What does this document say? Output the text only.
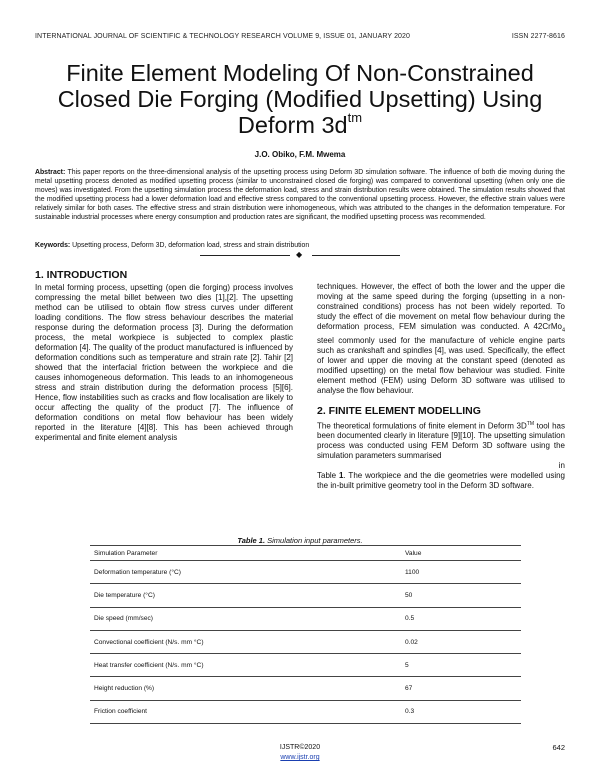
INTERNATIONAL JOURNAL OF SCIENTIFIC & TECHNOLOGY RESEARCH VOLUME 9, ISSUE 01, JANUARY 2020	ISSN 2277-8616
Finite Element Modeling Of Non-Constrained
Closed Die Forging (Modified Upsetting) Using
Deform $3d^{tm}$
J.O. Obiko, F.M. Mwema
Abstract: This paper reports on the three-dimensional analysis of the upsetting process using Deform 3D simulation software. The influence of both die moving during the metal upsetting process denoted as modified upsetting process (similar to unconstrained closed die forging) was compared to conventional upsetting (when only one die moves) was investigated. From the upsetting simulation process the deformation load, stress and strain distribution results were obtained. The simulation results showed that the modified upsetting process had a lower deformation load and effective stress compared to the conventional upsetting process. However, the effective strain values were relatively similar for both cases. The effective stress and strain distribution were inhomogeneous, which was attributed to the changes in the deformation temperature. For sustainable industrial processes where energy consumption and production rates are significant, the modified upsetting process was recommended.
Keywords: Upsetting process, Deform 3D, deformation load, stress and strain distribution
◆
1. INTRODUCTION

In metal forming process, upsetting (open die forging) process involves compressing the metal billet between two dies [1],[2]. The upsetting method can be utilised to obtain flow stress curves under different loading conditions. The flow stress behaviour describes the material response during the deformation process [3]. During the deformation process, the metal workpiece is subjected to complex plastic deformation [4]. The quality of the product manufactured is influenced by deformation conditions such as temperature and strain rate [2]. Tahir [2] showed that the interfacial friction between the workpiece and die causes inhomogeneous deformation. This leads to an inhomogeneous stress and strain distribution during the deformation process [5][6]. Hence, flow instabilities such as cracks and flow localisation are likely to occur affecting the quality of the product [7]. The influence of deformation conditions on metal flow behaviour has been widely reported in the literature [4][8]. This has been achieved through experimental and finite element analysis

techniques. However, the effect of both the lower and the upper die moving at the same speed during the forging (upsetting in a non-constrained conditions) process has not been widely reported. To study the effect of die movement on metal flow behaviour during the deformation process, FEM simulation was conducted. A 42CrMo$_4$ steel commonly used for the manufacture of vehicle engine parts such as crankshaft and spindles [4], was used. Specifically, the effect of lower and upper die moving at the constant speed (denoted as modified upsetting) on the metal flow behaviour was studied. Finite element method (FEM) using Deform 3D software was utilised to analyse the flow behaviour.

2. FINITE ELEMENT MODELLING

The theoretical formulations of finite element in Deform 3D™ tool has been documented clearly in literature [9][10]. The upsetting simulation process was conducted using FEM Deform 3D software using the simulation parameters summarised

in

Table 1. The workpiece and the die geometries were modelled using the in-built primitive geometry tool in the Deform 3D software.

Table 1. Simulation input parameters.
Simulation Parameter	Value
Deformation temperature (°C)	1100
Die temperature (°C)	50
Die speed (mm/sec)	0.5
Convectional coefficient (N/s. mm °C)	0.02
Heat transfer coefficient (N/s. mm °C)	5
Height reduction (%)	67
Friction coefficient	0.3
642
IJSTR©2020
www.ijstr.org
